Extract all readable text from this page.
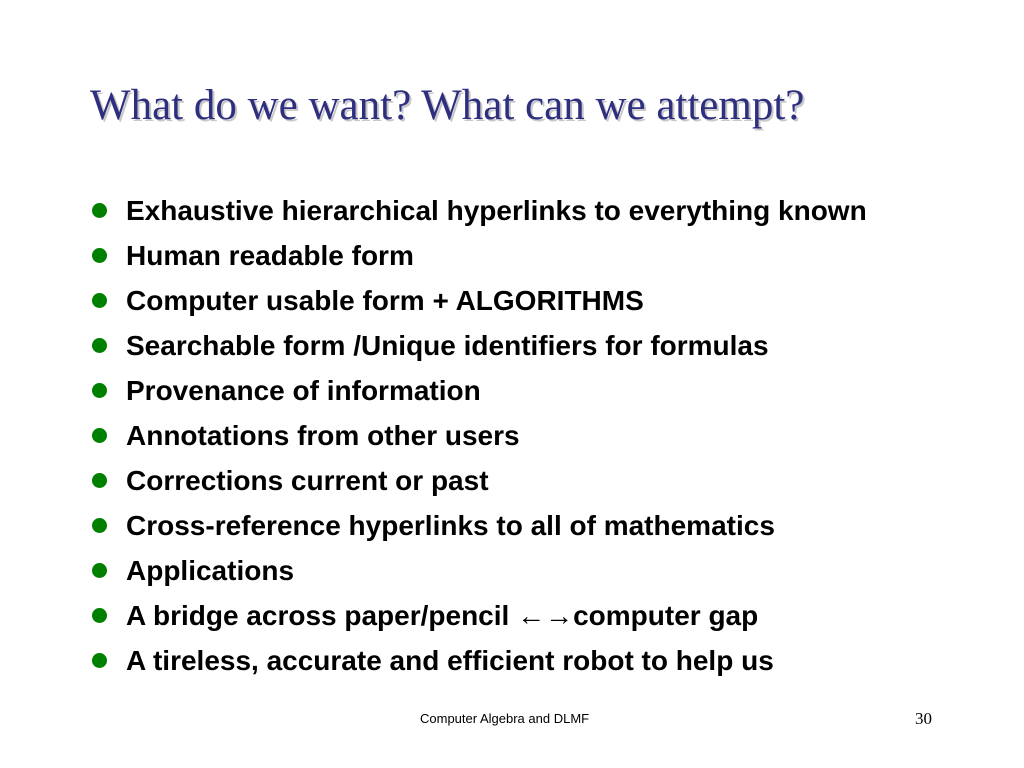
What do we want? What can we attempt?
Exhaustive hierarchical hyperlinks to everything known
Human readable form
Computer usable form + ALGORITHMS
Searchable form /Unique identifiers for formulas
Provenance of information
Annotations from other users
Corrections current or past
Cross-reference hyperlinks to all of mathematics
Applications
A bridge across paper/pencil ←→computer gap
A tireless, accurate and efficient robot to help us
Computer Algebra and DLMF	30
